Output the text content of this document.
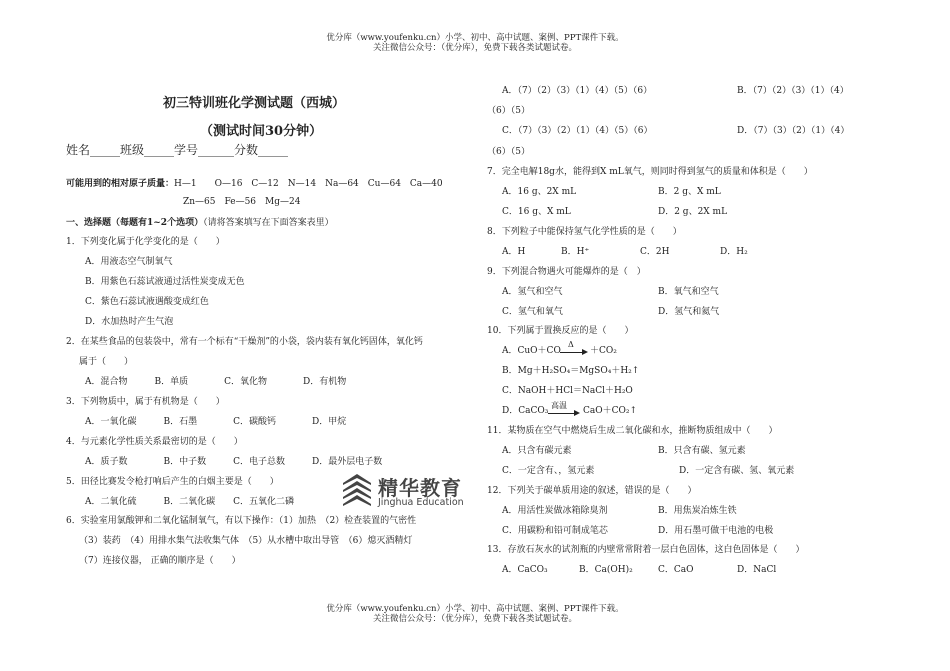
优分库（www.youfenku.cn）小学、初中、高中试题、案例、PPT课件下载。
关注微信公众号：（优分库），免费下载各类试题试卷。
初三特训班化学测试题（西城）
（测试时间30分钟）
姓名_____班级_____学号______分数_____
可能用到的相对原子质量：H—1　　O—16　C—12　N—14　Na—64　Cu—64　Ca—40
Zn—65　Fe—56　Mg—24
一、选择题（每题有1~2个选项）（请将答案填写在下面答案表里）
1．下列变化属于化学变化的是（　　）
A．用液态空气制氧气
B．用紫色石蕊试液通过活性炭变成无色
C．紫色石蕊试液遇酸变成红色
D．水加热时产生气泡
2．在某些食品的包装袋中，常有一个标有“干燥剂”的小袋，袋内装有氧化钙固体，氧化钙
属于（　　）
A．混合物　　　B．单质　　　　C．氧化物　　　　D．有机物
3．下列物质中，属于有机物是（　　）
A．一氧化碳　　　B．石墨　　　　C．碳酸钙　　　　D．甲烷
4．与元素化学性质关系最密切的是（　　）
A．质子数　　　　B．中子数　　　C．电子总数　　　D．最外层电子数
5．田径比赛发令枪打响后产生的白烟主要是（　　）
A．二氧化硫　　　B．二氧化碳　　C．五氧化二磷　　
6．实验室用氯酸钾和二氧化锰制氧气，有以下操作：（1）加热　（2）检查装置的气密性
（3）装药　（4）用排水集气法收集气体　（5）从水槽中取出导管　（6）熄灭酒精灯
（7）连接仪器， 正确的顺序是（　　）
精华教育
Jinghua Education
A．（7）（2）（3）（1）（4）（5）（6）	B．（7）（2）（3）（1）（4）
（6）（5）
C．（7）（3）（2）（1）（4）（5）（6）	D．（7）（3）（2）（1）（4）
（6）（5）
7．完全电解18g水，能得到X mL氧气，则同时得到氢气的质量和体积是（　　）
A．16 g、2X mL	B．2 g、X mL
C．16 g、X mL	D．2 g、2X mL
8．下列粒子中能保持氢气化学性质的是（　　）
A．H	B．H⁺	C．2H	D．H₂
9．下列混合物遇火可能爆炸的是（　）
A．氢气和空气	B．氧气和空气
C．氢气和氧气	D．氢气和氦气
10．下列属于置换反应的是（　　）
A．CuO＋CO
Δ
＋CO₂
B．Mg＋H₂SO₄＝MgSO₄＋H₂↑
C．NaOH＋HCl＝NaCl＋H₂O
D．CaCO₃
高温
CaO＋CO₂↑
11．某物质在空气中燃烧后生成二氧化碳和水，推断物质组成中（　　）
A．只含有碳元素	B．只含有碳、氢元素
C．一定含有、，氢元素	D．一定含有碳、氢、氧元素
12．下列关于碳单质用途的叙述，错误的是（　　）
A．用活性炭做冰箱除臭剂	B．用焦炭冶炼生铁
C．用碳粉和铅可制成笔芯	D．用石墨可做干电池的电极
13．存放石灰水的试剂瓶的内壁常常附着一层白色固体，这白色固体是（　　）
A．CaCO₃	B．Ca(OH)₂	C．CaO	D．NaCl
优分库（www.youfenku.cn）小学、初中、高中试题、案例、PPT课件下载。
关注微信公众号：（优分库），免费下载各类试题试卷。
